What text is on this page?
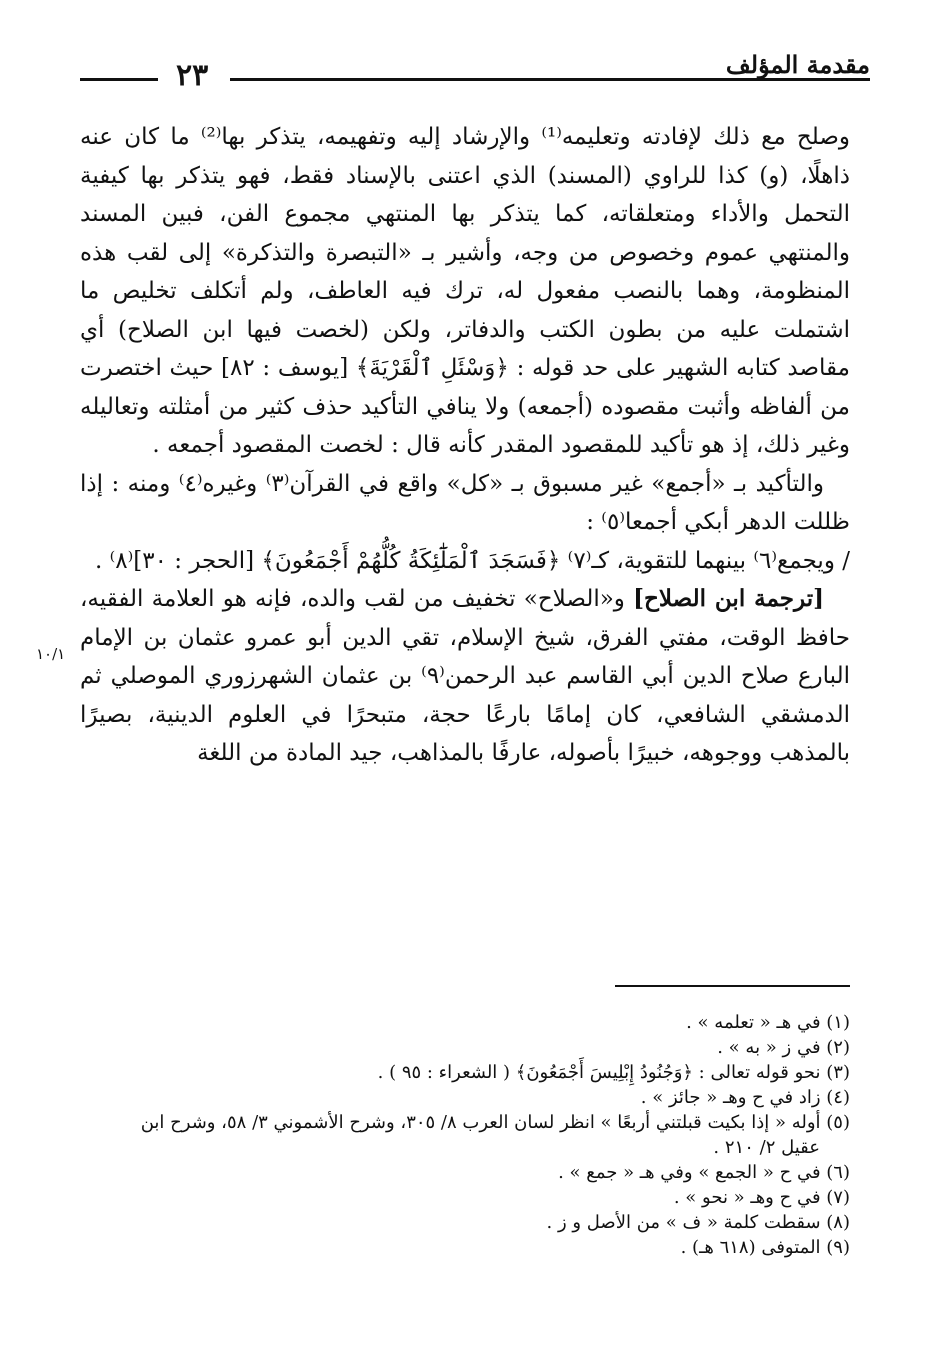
٢٣	مقدمة المؤلف

وصلح مع ذلك لإفادته وتعليمه⁽¹⁾ والإرشاد إليه وتفهيمه، يتذكر بها⁽²⁾ ما كان عنه ذاهلًا، (و) كذا للراوي (المسند) الذي اعتنى بالإسناد فقط، فهو يتذكر بها كيفية التحمل والأداء ومتعلقاته، كما يتذكر بها المنتهي مجموع الفن، فبين المسند والمنتهي عموم وخصوص من وجه، وأشير بـ «التبصرة والتذكرة» إلى لقب هذه المنظومة، وهما بالنصب مفعول له، ترك فيه العاطف، ولم أتكلف تخليص ما اشتملت عليه من بطون الكتب والدفاتر، ولكن (لخصت فيها ابن الصلاح) أي مقاصد كتابه الشهير على حد قوله : ﴿وَسْئَلِ ٱلْقَرْيَةَ﴾ [يوسف : ٨٢] حيث اختصرت من ألفاظه وأثبت مقصوده (أجمعه) ولا ينافي التأكيد حذف كثير من أمثلته وتعاليله وغير ذلك، إذ هو تأكيد للمقصود المقدر كأنه قال : لخصت المقصود أجمعه .

والتأكيد بـ «أجمع» غير مسبوق بـ «كل» واقع في القرآن⁽٣⁾ وغيره⁽٤⁾ ومنه : إذا ظللت الدهر أبكي أجمعا⁽٥⁾ :

/ ويجمع⁽٦⁾ بينهما للتقوية، كـ⁽٧⁾ ﴿فَسَجَدَ ٱلْمَلَٰٓئِكَةُ كُلُّهُمْ أَجْمَعُونَ﴾ [الحجر : ٣٠]⁽٨⁾ .

[ترجمة ابن الصلاح] و«الصلاح» تخفيف من لقب والده، فإنه هو العلامة الفقيه، حافظ الوقت، مفتي الفرق، شيخ الإسلام، تقي الدين أبو عمرو عثمان بن الإمام البارع صلاح الدين أبي القاسم عبد الرحمن⁽٩⁾ بن عثمان الشهرزوري الموصلي ثم الدمشقي الشافعي، كان إمامًا بارعًا حجة، متبحرًا في العلوم الدينية، بصيرًا بالمذهب ووجوهه، خبيرًا بأصوله، عارفًا بالمذاهب، جيد المادة من اللغة

١٠/١
(١) في هـ « تعلمه » .
(٢) في ز « به » .
(٣) نحو قوله تعالى : ﴿وَجُنُودُ إِبْلِيسَ أَجْمَعُونَ﴾ ( الشعراء : ٩٥ ) .
(٤) زاد في ح وهـ « جائز » .
(٥) أوله « إذا بكيت قبلتني أربعًا » انظر لسان العرب ٨/ ٣٠٥، وشرح الأشموني ٣/ ٥٨، وشرح ابن
عقيل ٢/ ٢١٠ .
(٦) في ح « الجمع » وفي هـ « جمع » .
(٧) في ح وهـ « نحو » .
(٨) سقطت كلمة « ف » من الأصل و ز .
(٩) المتوفى (٦١٨ هـ) .
